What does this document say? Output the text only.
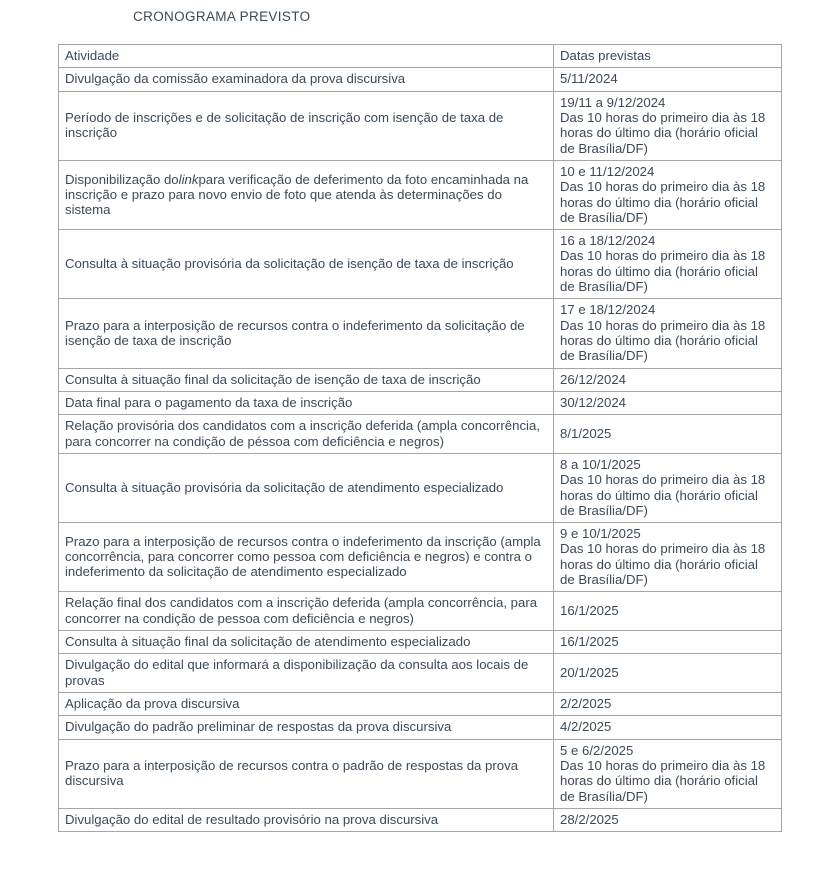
CRONOGRAMA PREVISTO
Atividade	Datas previstas
Divulgação da comissão examinadora da prova discursiva	5/11/2024

Período de inscrições e de solicitação de inscrição com isenção de taxa de inscrição	19/11 a 9/12/2024
Das 10 horas do primeiro dia às 18 horas do último dia (horário oficial de Brasília/DF)

Disponibilização dolinkpara verificação de deferimento da foto encaminhada na inscrição e prazo para novo envio de foto que atenda às determinações do sistema	10 e 11/12/2024
Das 10 horas do primeiro dia às 18 horas do último dia (horário oficial de Brasília/DF)

Consulta à situação provisória da solicitação de isenção de taxa de inscrição	16 a 18/12/2024
Das 10 horas do primeiro dia às 18 horas do último dia (horário oficial de Brasília/DF)

Prazo para a interposição de recursos contra o indeferimento da solicitação de isenção de taxa de inscrição	17 e 18/12/2024
Das 10 horas do primeiro dia às 18 horas do último dia (horário oficial de Brasília/DF)

Consulta à situação final da solicitação de isenção de taxa de inscrição	26/12/2024

Data final para o pagamento da taxa de inscrição	30/12/2024

Relação provisória dos candidatos com a inscrição deferida (ampla concorrência, para concorrer na condição de péssoa com deficiência e negros)	8/1/2025

Consulta à situação provisória da solicitação de atendimento especializado	8 a 10/1/2025
Das 10 horas do primeiro dia às 18 horas do último dia (horário oficial de Brasília/DF)

Prazo para a interposição de recursos contra o indeferimento da inscrição (ampla concorrência, para concorrer como pessoa com deficiência e negros) e contra o indeferimento da solicitação de atendimento especializado	9 e 10/1/2025
Das 10 horas do primeiro dia às 18 horas do último dia (horário oficial de Brasília/DF)

Relação final dos candidatos com a inscrição deferida (ampla concorrência, para concorrer na condição de pessoa com deficiência e negros)	16/1/2025

Consulta à situação final da solicitação de atendimento especializado	16/1/2025

Divulgação do edital que informará a disponibilização da consulta aos locais de provas	20/1/2025

Aplicação da prova discursiva	2/2/2025

Divulgação do padrão preliminar de respostas da prova discursiva	4/2/2025

Prazo para a interposição de recursos contra o padrão de respostas da prova discursiva	5 e 6/2/2025
Das 10 horas do primeiro dia às 18 horas do último dia (horário oficial de Brasília/DF)

Divulgação do edital de resultado provisório na prova discursiva	28/2/2025
